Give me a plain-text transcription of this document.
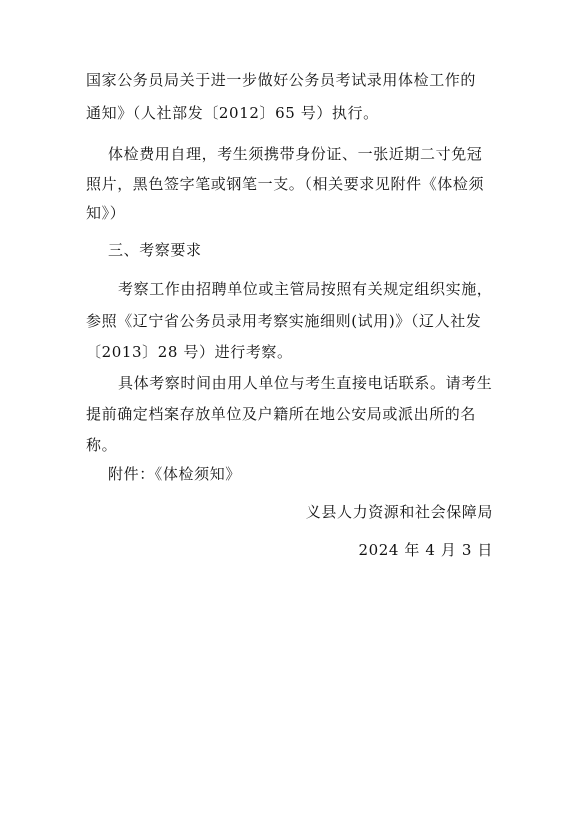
国家公务员局关于进一步做好公务员考试录用体检工作的
通知》（人社部发〔2012〕65 号）执行。
体检费用自理，考生须携带身份证、一张近期二寸免冠
照片，黑色签字笔或钢笔一支。（相关要求见附件《体检须
知》）
三、考察要求
考察工作由招聘单位或主管局按照有关规定组织实施，
参照《辽宁省公务员录用考察实施细则(试用)》（辽人社发
〔2013〕28 号）进行考察。
具体考察时间由用人单位与考生直接电话联系。请考生
提前确定档案存放单位及户籍所在地公安局或派出所的名
称。
附件：《体检须知》
义县人力资源和社会保障局
2024 年 4 月 3 日
